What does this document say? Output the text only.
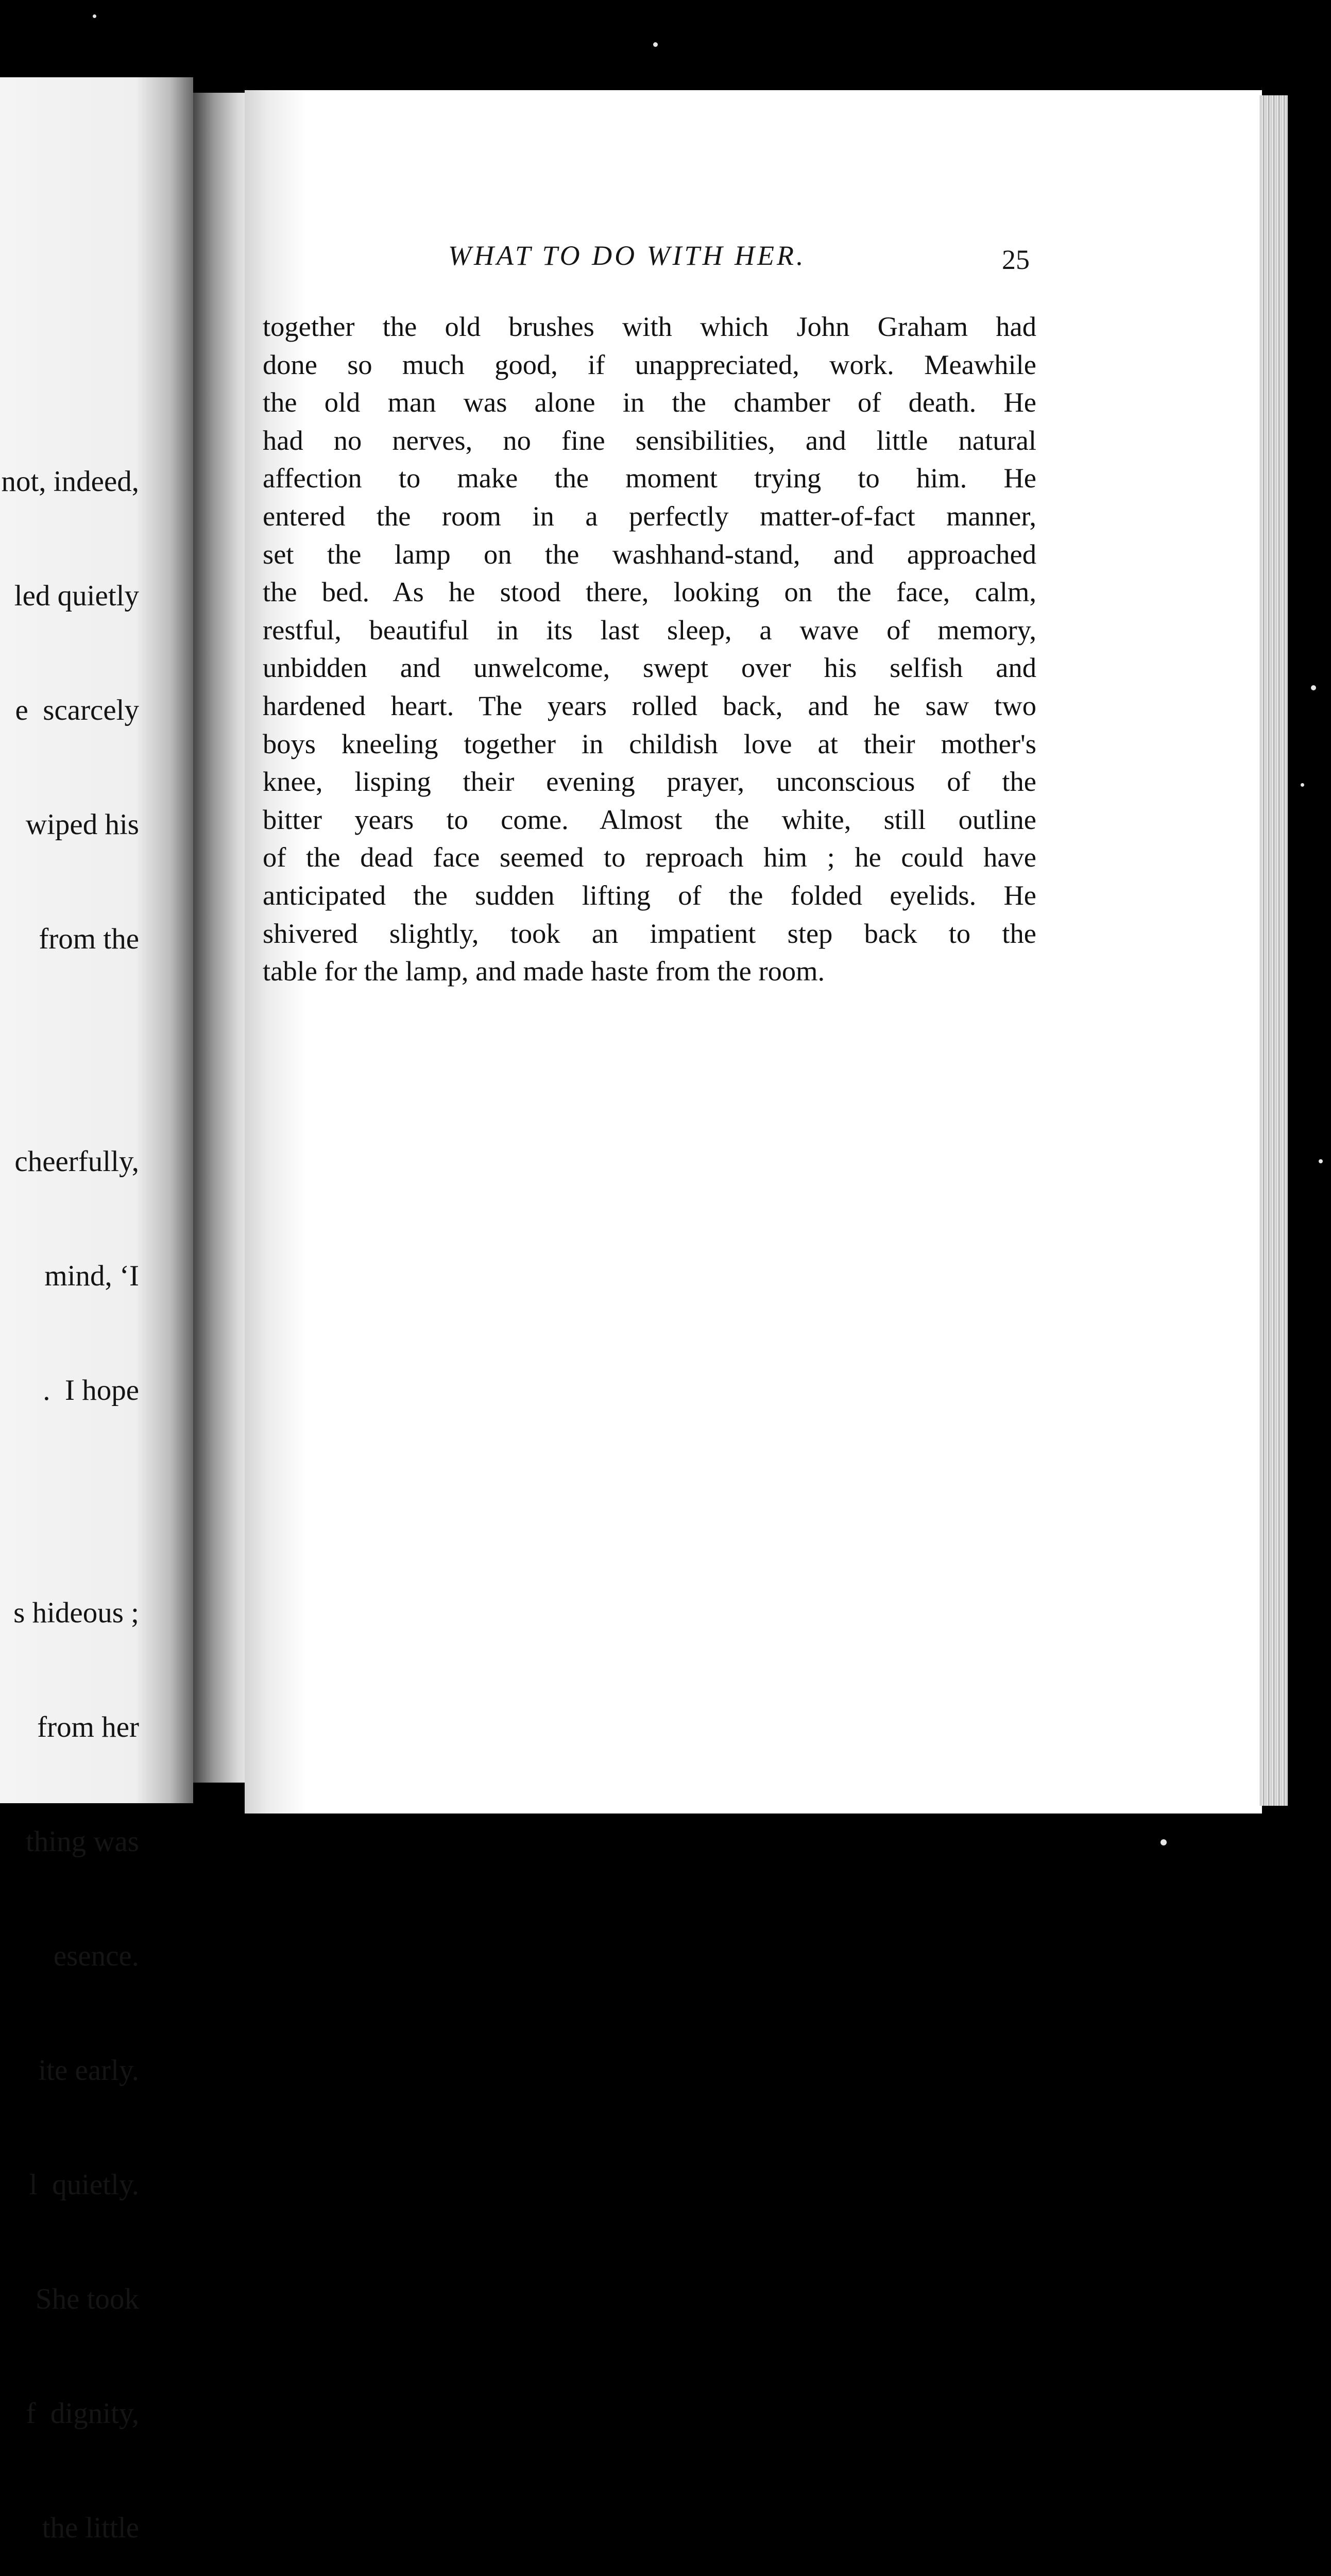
not, indeed,

led quietly

e  scarcely

wiped his

from the

cheerfully,

mind, ‘I

.  I hope

s hideous ;

from her

thing was

esence.

ite early.

l  quietly.

She took

f  dignity,

the little

WHAT TO DO WITH HER.	25
together the old brushes with which John Graham had
done so much good, if unappreciated, work. Meawhile
the old man was alone in the chamber of death. He
had no nerves, no fine sensibilities, and little natural
affection to make the moment trying to him. He
entered the room in a perfectly matter-of-fact manner,
set the lamp on the washhand-stand, and approached
the bed. As he stood there, looking on the face, calm,
restful, beautiful in its last sleep, a wave of memory,
unbidden and unwelcome, swept over his selfish and
hardened heart. The years rolled back, and he saw two
boys kneeling together in childish love at their mother's
knee, lisping their evening prayer, unconscious of the
bitter years to come. Almost the white, still outline
of the dead face seemed to reproach him ; he could have
anticipated the sudden lifting of the folded eyelids. He
shivered slightly, took an impatient step back to the
table for the lamp, and made haste from the room.
